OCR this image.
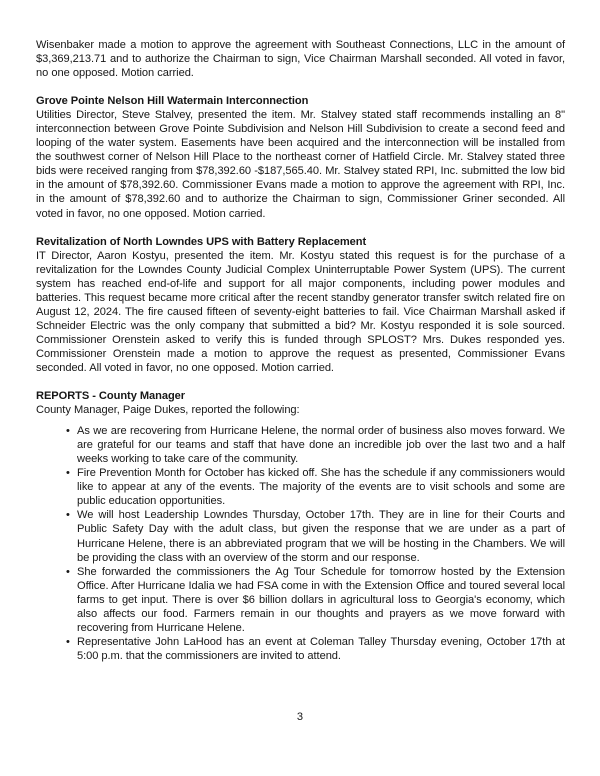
Wisenbaker made a motion to approve the agreement with Southeast Connections, LLC in the amount of $3,369,213.71 and to authorize the Chairman to sign, Vice Chairman Marshall seconded. All voted in favor, no one opposed. Motion carried.

Grove Pointe Nelson Hill Watermain Interconnection

Utilities Director, Steve Stalvey, presented the item. Mr. Stalvey stated staff recommends installing an 8" interconnection between Grove Pointe Subdivision and Nelson Hill Subdivision to create a second feed and looping of the water system. Easements have been acquired and the interconnection will be installed from the southwest corner of Nelson Hill Place to the northeast corner of Hatfield Circle. Mr. Stalvey stated three bids were received ranging from $78,392.60 -$187,565.40. Mr. Stalvey stated RPI, Inc. submitted the low bid in the amount of $78,392.60. Commissioner Evans made a motion to approve the agreement with RPI, Inc. in the amount of $78,392.60 and to authorize the Chairman to sign, Commissioner Griner seconded. All voted in favor, no one opposed. Motion carried.

Revitalization of North Lowndes UPS with Battery Replacement

IT Director, Aaron Kostyu, presented the item. Mr. Kostyu stated this request is for the purchase of a revitalization for the Lowndes County Judicial Complex Uninterruptable Power System (UPS). The current system has reached end-of-life and support for all major components, including power modules and batteries. This request became more critical after the recent standby generator transfer switch related fire on August 12, 2024. The fire caused fifteen of seventy-eight batteries to fail. Vice Chairman Marshall asked if Schneider Electric was the only company that submitted a bid? Mr. Kostyu responded it is sole sourced. Commissioner Orenstein asked to verify this is funded through SPLOST? Mrs. Dukes responded yes. Commissioner Orenstein made a motion to approve the request as presented, Commissioner Evans seconded. All voted in favor, no one opposed. Motion carried.

REPORTS - County Manager

County Manager, Paige Dukes, reported the following:

• As we are recovering from Hurricane Helene, the normal order of business also moves forward. We are grateful for our teams and staff that have done an incredible job over the last two and a half weeks working to take care of the community.
• Fire Prevention Month for October has kicked off. She has the schedule if any commissioners would like to appear at any of the events. The majority of the events are to visit schools and some are public education opportunities.
• We will host Leadership Lowndes Thursday, October 17th. They are in line for their Courts and Public Safety Day with the adult class, but given the response that we are under as a part of Hurricane Helene, there is an abbreviated program that we will be hosting in the Chambers. We will be providing the class with an overview of the storm and our response.
• She forwarded the commissioners the Ag Tour Schedule for tomorrow hosted by the Extension Office. After Hurricane Idalia we had FSA come in with the Extension Office and toured several local farms to get input. There is over $6 billion dollars in agricultural loss to Georgia's economy, which also affects our food. Farmers remain in our thoughts and prayers as we move forward with recovering from Hurricane Helene.
• Representative John LaHood has an event at Coleman Talley Thursday evening, October 17th at 5:00 p.m. that the commissioners are invited to attend.
3
